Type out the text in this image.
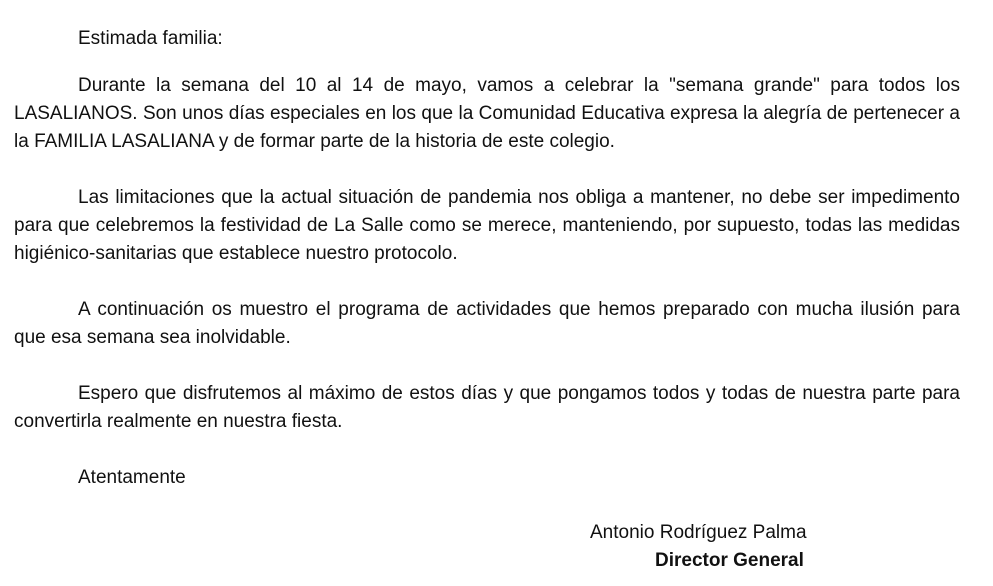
Estimada familia:

Durante la semana del 10 al 14 de mayo, vamos a celebrar la "semana grande" para todos los LASALIANOS. Son unos días especiales en los que la Comunidad Educativa expresa la alegría de pertenecer a la FAMILIA LASALIANA y de formar parte de la historia de este colegio.

Las limitaciones que la actual situación de pandemia nos obliga a mantener, no debe ser impedimento para que celebremos la festividad de La Salle como se merece, manteniendo, por supuesto, todas las medidas higiénico-sanitarias que establece nuestro protocolo.

A continuación os muestro el programa de actividades que hemos preparado con mucha ilusión para que esa semana sea inolvidable.

Espero que disfrutemos al máximo de estos días y que pongamos todos y todas de nuestra parte para convertirla realmente en nuestra fiesta.

Atentamente

Antonio Rodríguez Palma

Director General
